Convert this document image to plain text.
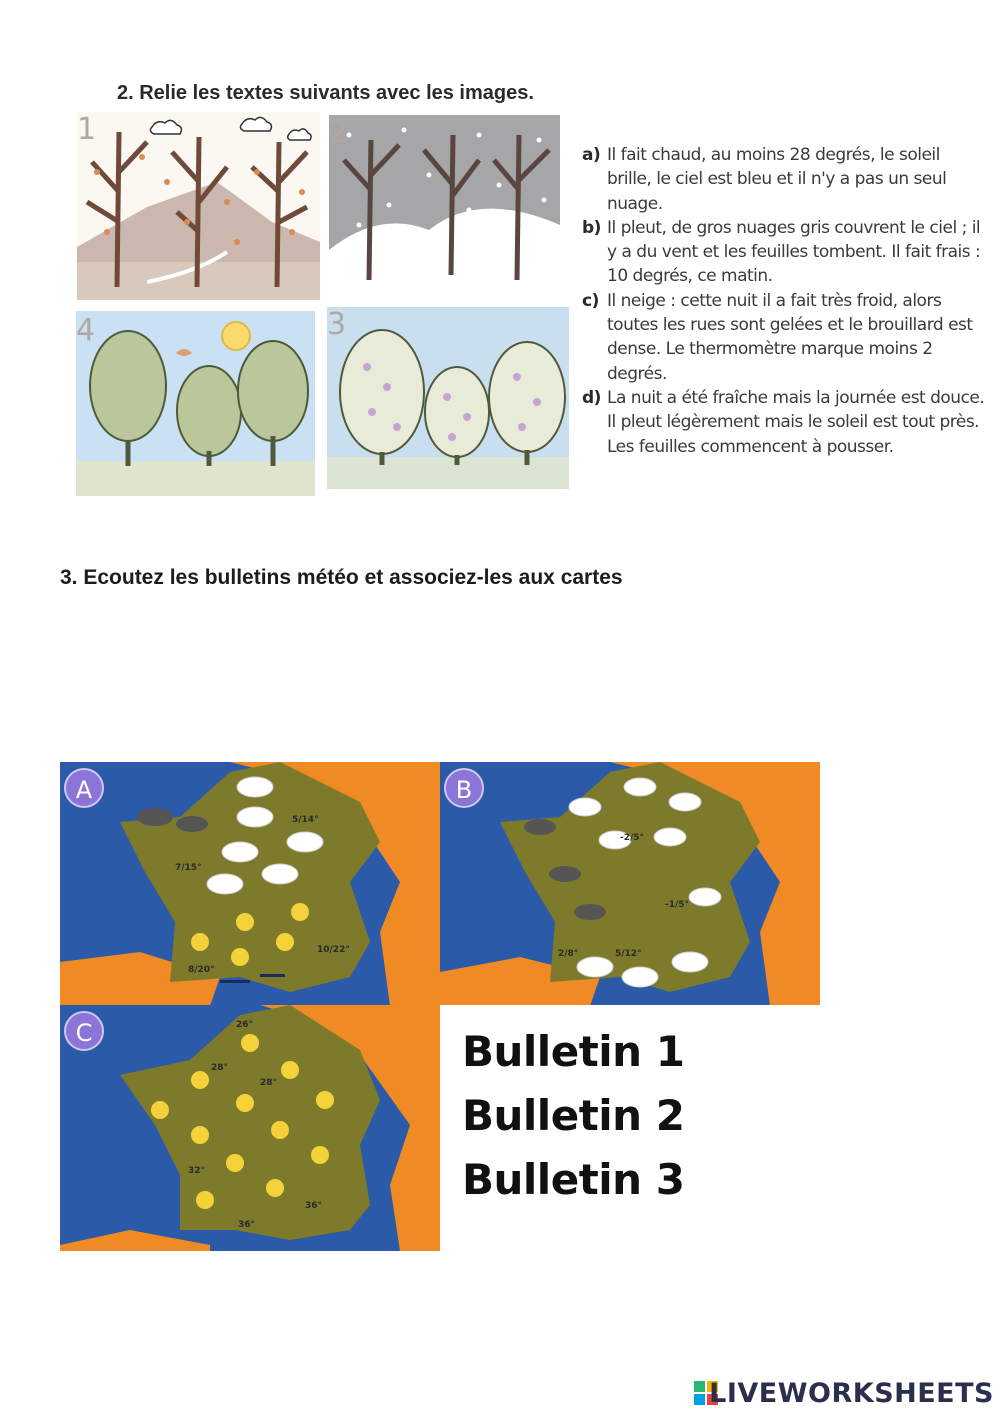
2. Relie les textes suivants avec les images.
1	2
4	3
a) Il fait chaud, au moins 28 degrés, le soleil brille, le ciel est bleu et il n'y a pas un seul nuage.
b) Il pleut, de gros nuages gris couvrent le ciel ; il y a du vent et les feuilles tombent. Il fait frais : 10 degrés, ce matin.
c) Il neige : cette nuit il a fait très froid, alors toutes les rues sont gelées et le brouillard est dense. Le thermomètre marque moins 2 degrés.
d) La nuit a été fraîche mais la journée est douce. Il pleut légèrement mais le soleil est tout près. Les feuilles commencent à pousser.
3. Ecoutez les bulletins météo et associez-les aux cartes
5/14°
7/15°
10/22°
8/20°
A
-2/5°
-1/5°
2/8°	5/12°
B
26°
28°
28°
32°
36°
36°
C	Bulletin 1
Bulletin 2
Bulletin 3
LIVEWORKSHEETS
